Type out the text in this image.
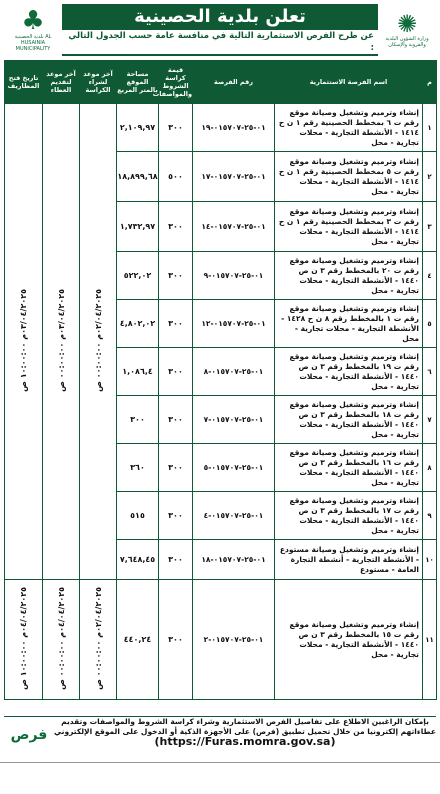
♣
بلدية الحصينية AL HUSAINIA MUNICIPALITY
تعلن بلدية الحصينية
عن طرح الفرص الاستثمارية التالية في منافسة عامة حسب الجدول التالي :
✺
وزارة الشؤون البلدية والقروية والإسكان
م	اسم الفرصة الاستثمارية	رقم الفرصة	قيمة كراسة الشروط والمواصفات	مساحة الموقع بالمتر المربع	آخر موعد لشراء الكراسة	آخر موعد لتقديم العطاء	تاريخ فتح المظاريف
١	إنشاء وترميم وتشغيل وصيانة موقع رقم ت ٦ بمخطط الحصينية رقم ١ ن ح ١٤١٤ - الأنشطة التجارية - محلات تجارية - محل	٠١-٢٥-٠١٥٧٠٧-١٩	٣٠٠	٢,١٠٩,٩٧	٠٢/٠٤/٢٠٢٥م ٠٠:٠٠:٠٠ ص	٠٣/٠٤/٢٠٢٥م ٠٠:٠٠:٠٠ ص	٠٣/٠٤/٢٠٢٥م ١٠:٠٠:٠٠ ص
٢	إنشاء وترميم وتشغيل وصيانة موقع رقم ت ٥ بمخطط الحصينية رقم ١ ن ح ١٤١٤ - الأنشطة التجارية - محلات تجارية - محل	٠١-٢٥-٠١٥٧٠٧-١٧	٥٠٠	١٨,٨٩٩,٦٨			
٣	إنشاء وترميم وتشغيل وصيانة موقع رقم ت ٣ بمخطط الحصينية رقم ١ ن ح ١٤١٤ - الأنشطة التجارية - محلات تجارية - محل	٠١-٢٥-٠١٥٧٠٧-١٤	٣٠٠	١,٧٣٢,٩٧			
٤	إنشاء وترميم وتشغيل وصيانة موقع رقم ت ٢٠ بالمخطط رقم ٣ ن ص ١٤٤٠ - الأنشطة التجارية - محلات تجارية - محل	٠١-٢٥-٠١٥٧٠٧-٩	٣٠٠	٥٢٢,٠٢			
٥	إنشاء وترميم وتشغيل وصيانة موقع رقم ت ١ بالمخطط رقم ٨ ن ح ١٤٢٨ - الأنشطة التجارية - محلات تجارية - محل	٠١-٢٥-٠١٥٧٠٧-١٢	٣٠٠	٤,٨٠٢,٠٢			
٦	إنشاء وترميم وتشغيل وصيانة موقع رقم ت ١٩ بالمخطط رقم ٣ ن ص ١٤٤٠ - الأنشطة التجارية - محلات تجارية - محل	٠١-٢٥-٠١٥٧٠٧-٨	٣٠٠	١,٠٨٦,٤			
٧	إنشاء وترميم وتشغيل وصيانة موقع رقم ت ١٨ بالمخطط رقم ٣ ن ص ١٤٤٠ - الأنشطة التجارية - محلات تجارية - محل	٠١-٢٥-٠١٥٧٠٧-٧	٣٠٠	٣٠٠			
٨	إنشاء وترميم وتشغيل وصيانة موقع رقم ت ١٦ بالمخطط رقم ٣ ن ص ١٤٤٠ - الأنشطة التجارية - محلات تجارية - محل	٠١-٢٥-٠١٥٧٠٧-٥	٣٠٠	٣٦٠			
٩	إنشاء وترميم وتشغيل وصيانة موقع رقم ت ١٧ بالمخطط رقم ٣ ن ص ١٤٤٠ - الأنشطة التجارية - محلات تجارية - محل	٠١-٢٥-٠١٥٧٠٧-٤	٣٠٠	٥١٥			
١٠	إنشاء وترميم وتشغيل وصيانة مستودع - الأنشطة التجارية - أنشطة التجارة العامة - مستودع	٠١-٢٥-٠١٥٧٠٧-١٨	٣٠٠	٧,٦٤٨,٤٥			
١١	إنشاء وترميم وتشغيل وصيانة موقع رقم ت ١٥ بالمخطط رقم ٣ ن ص ١٤٤٠ - الأنشطة التجارية - محلات تجارية - محل	٠١-٢٥-٠١٥٧٠٧-٢	٣٠٠	٤٤٠,٢٤	٠٢/٠٤/٢٠٢٥م ٠٠:٠٠:٠٠ ص	٠٤/٠٤/٢٠٢٥م ٠٠:٠٠:٠٠ ص	٠٤/٠٤/٢٠٢٥م ١٠:٠٠:٠٠ ص
فرص
بإمكان الراغبين الاطلاع على تفاصيل الفرص الاستثمارية وشراء كراسة الشروط والمواصفات وتقديم
عطاءاتهم إلكترونيا من خلال تحميل تطبيق (فرص) على الأجهزة الذكية أو الدخول على الموقع الإلكتروني
(https://Furas.momra.gov.sa)
